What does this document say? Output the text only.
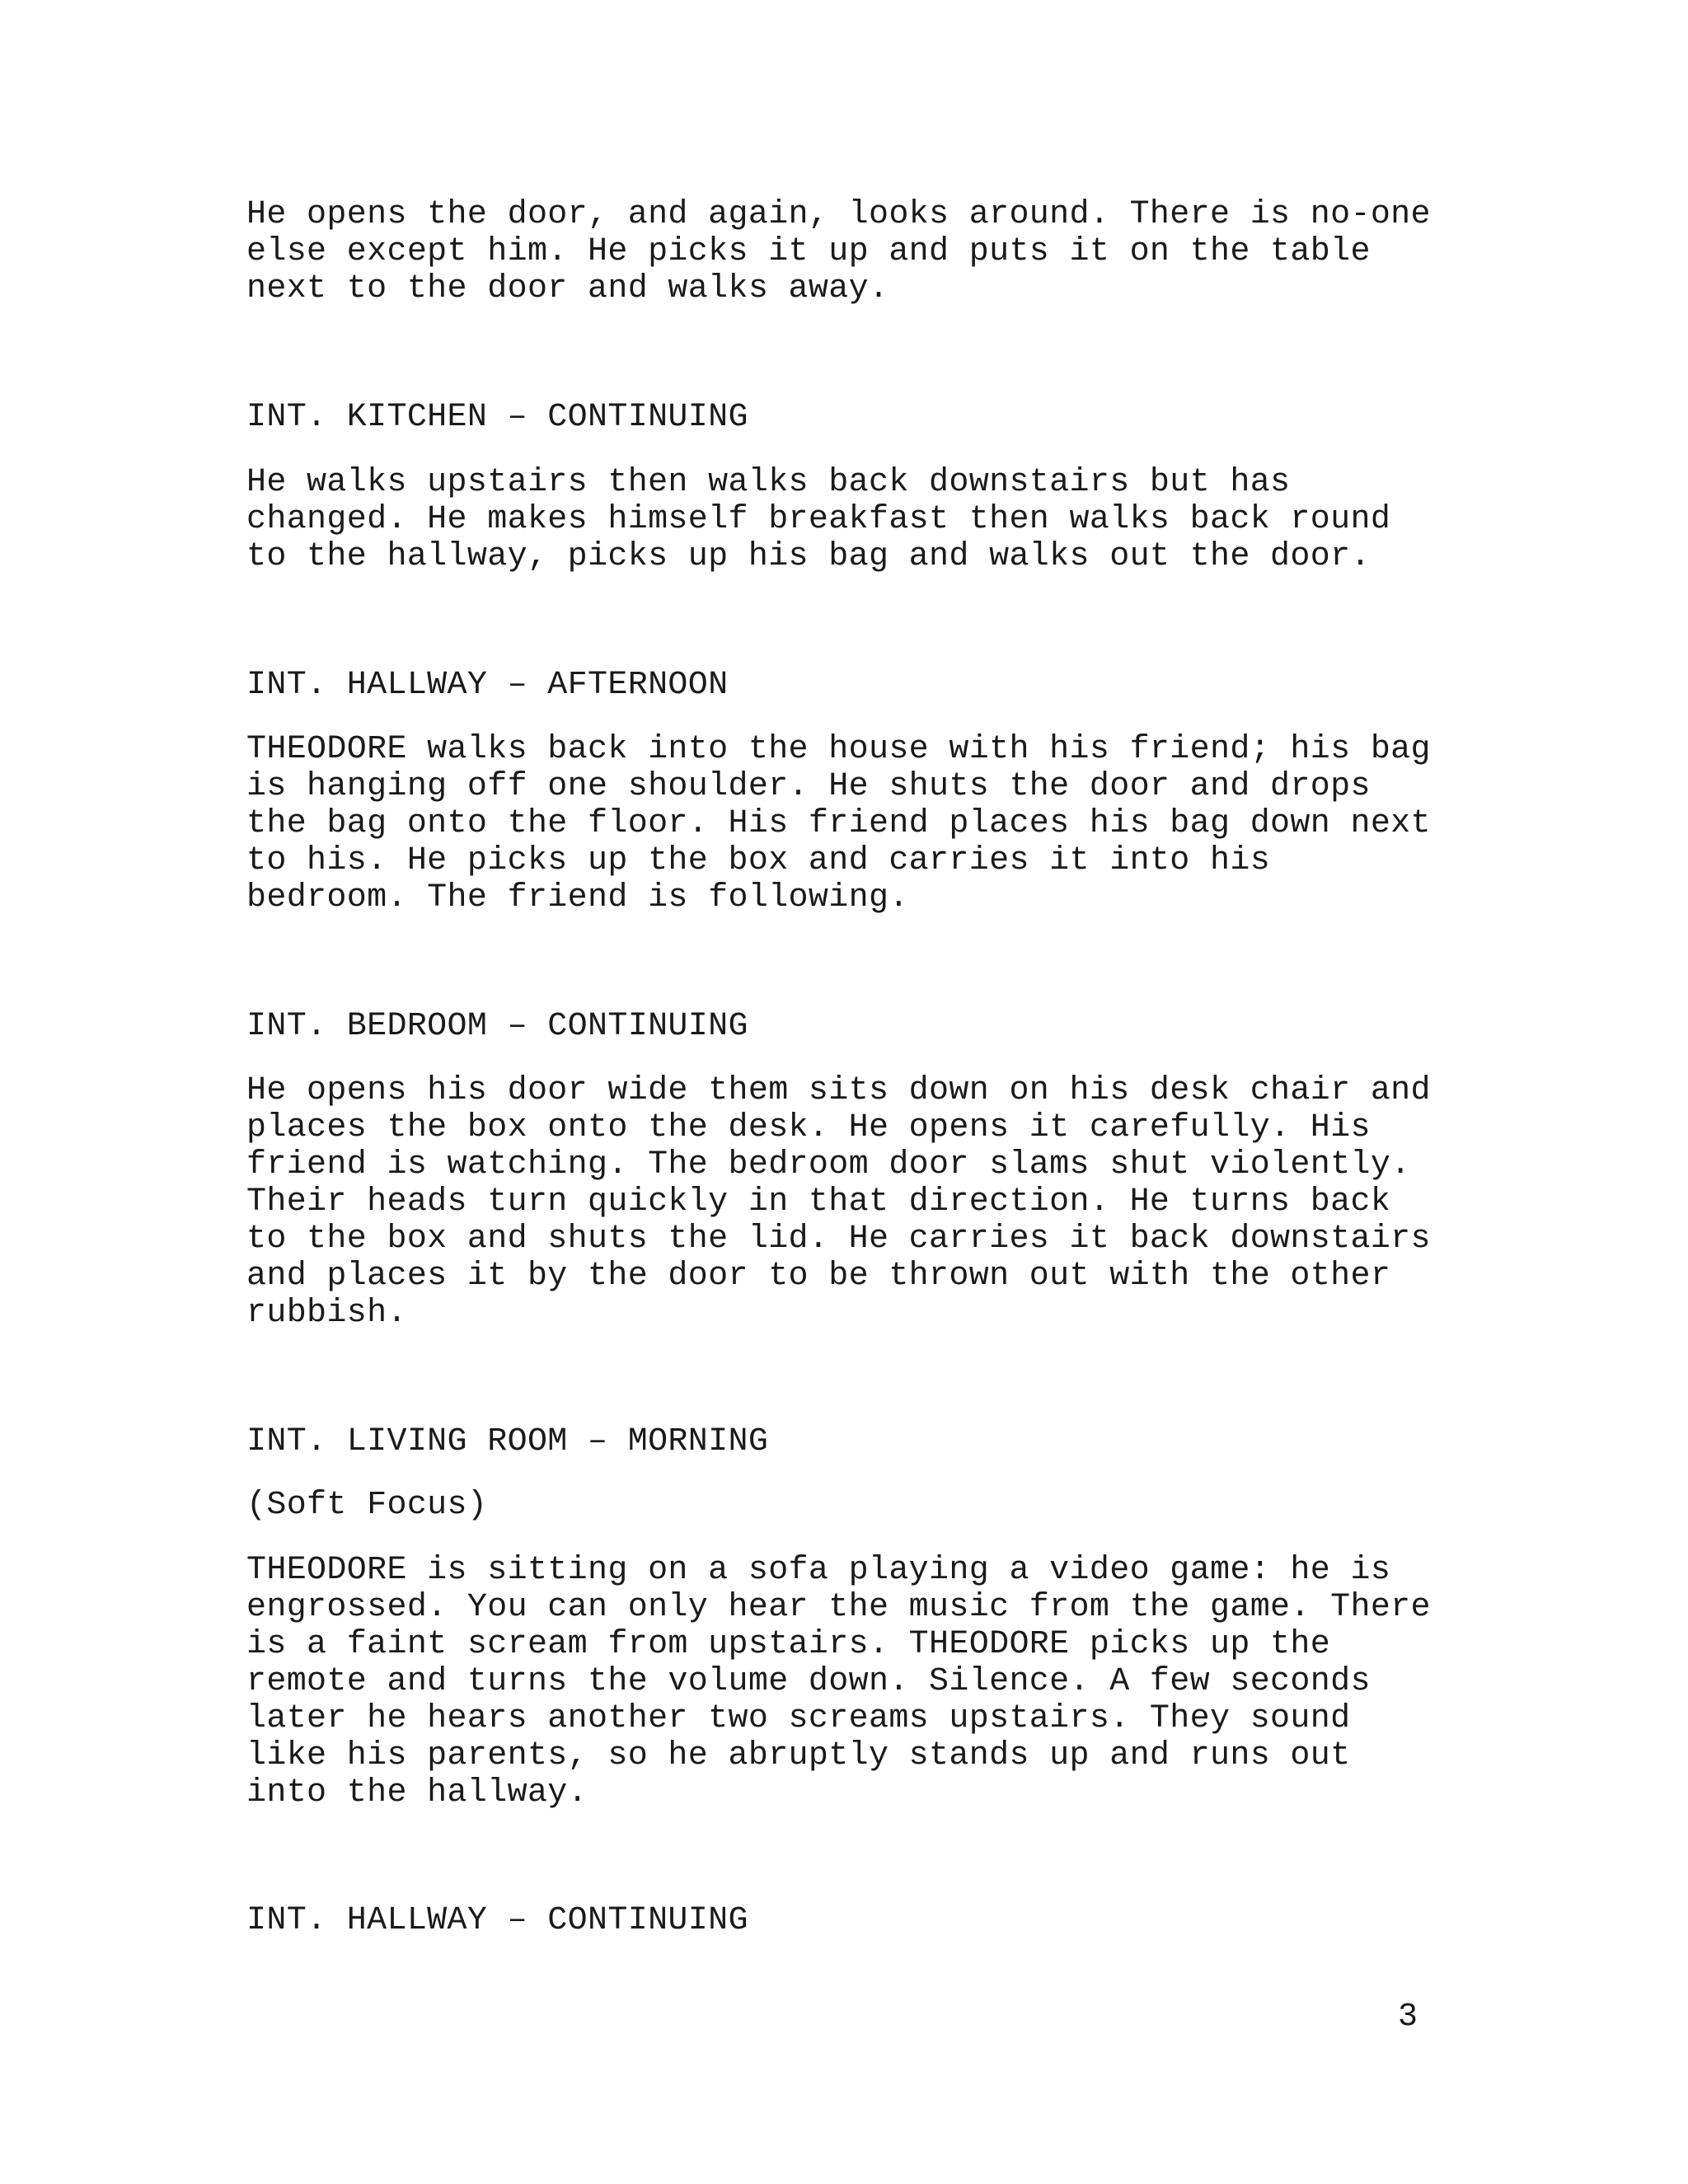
He opens the door, and again, looks around. There is no-one
else except him. He picks it up and puts it on the table
next to the door and walks away.

INT. KITCHEN – CONTINUING

He walks upstairs then walks back downstairs but has
changed. He makes himself breakfast then walks back round
to the hallway, picks up his bag and walks out the door.

INT. HALLWAY – AFTERNOON

THEODORE walks back into the house with his friend; his bag
is hanging off one shoulder. He shuts the door and drops
the bag onto the floor. His friend places his bag down next
to his. He picks up the box and carries it into his
bedroom. The friend is following.

INT. BEDROOM – CONTINUING

He opens his door wide them sits down on his desk chair and
places the box onto the desk. He opens it carefully. His
friend is watching. The bedroom door slams shut violently.
Their heads turn quickly in that direction. He turns back
to the box and shuts the lid. He carries it back downstairs
and places it by the door to be thrown out with the other
rubbish.

INT. LIVING ROOM – MORNING

(Soft Focus)

THEODORE is sitting on a sofa playing a video game: he is
engrossed. You can only hear the music from the game. There
is a faint scream from upstairs. THEODORE picks up the
remote and turns the volume down. Silence. A few seconds
later he hears another two screams upstairs. They sound
like his parents, so he abruptly stands up and runs out
into the hallway.

INT. HALLWAY – CONTINUING

3
